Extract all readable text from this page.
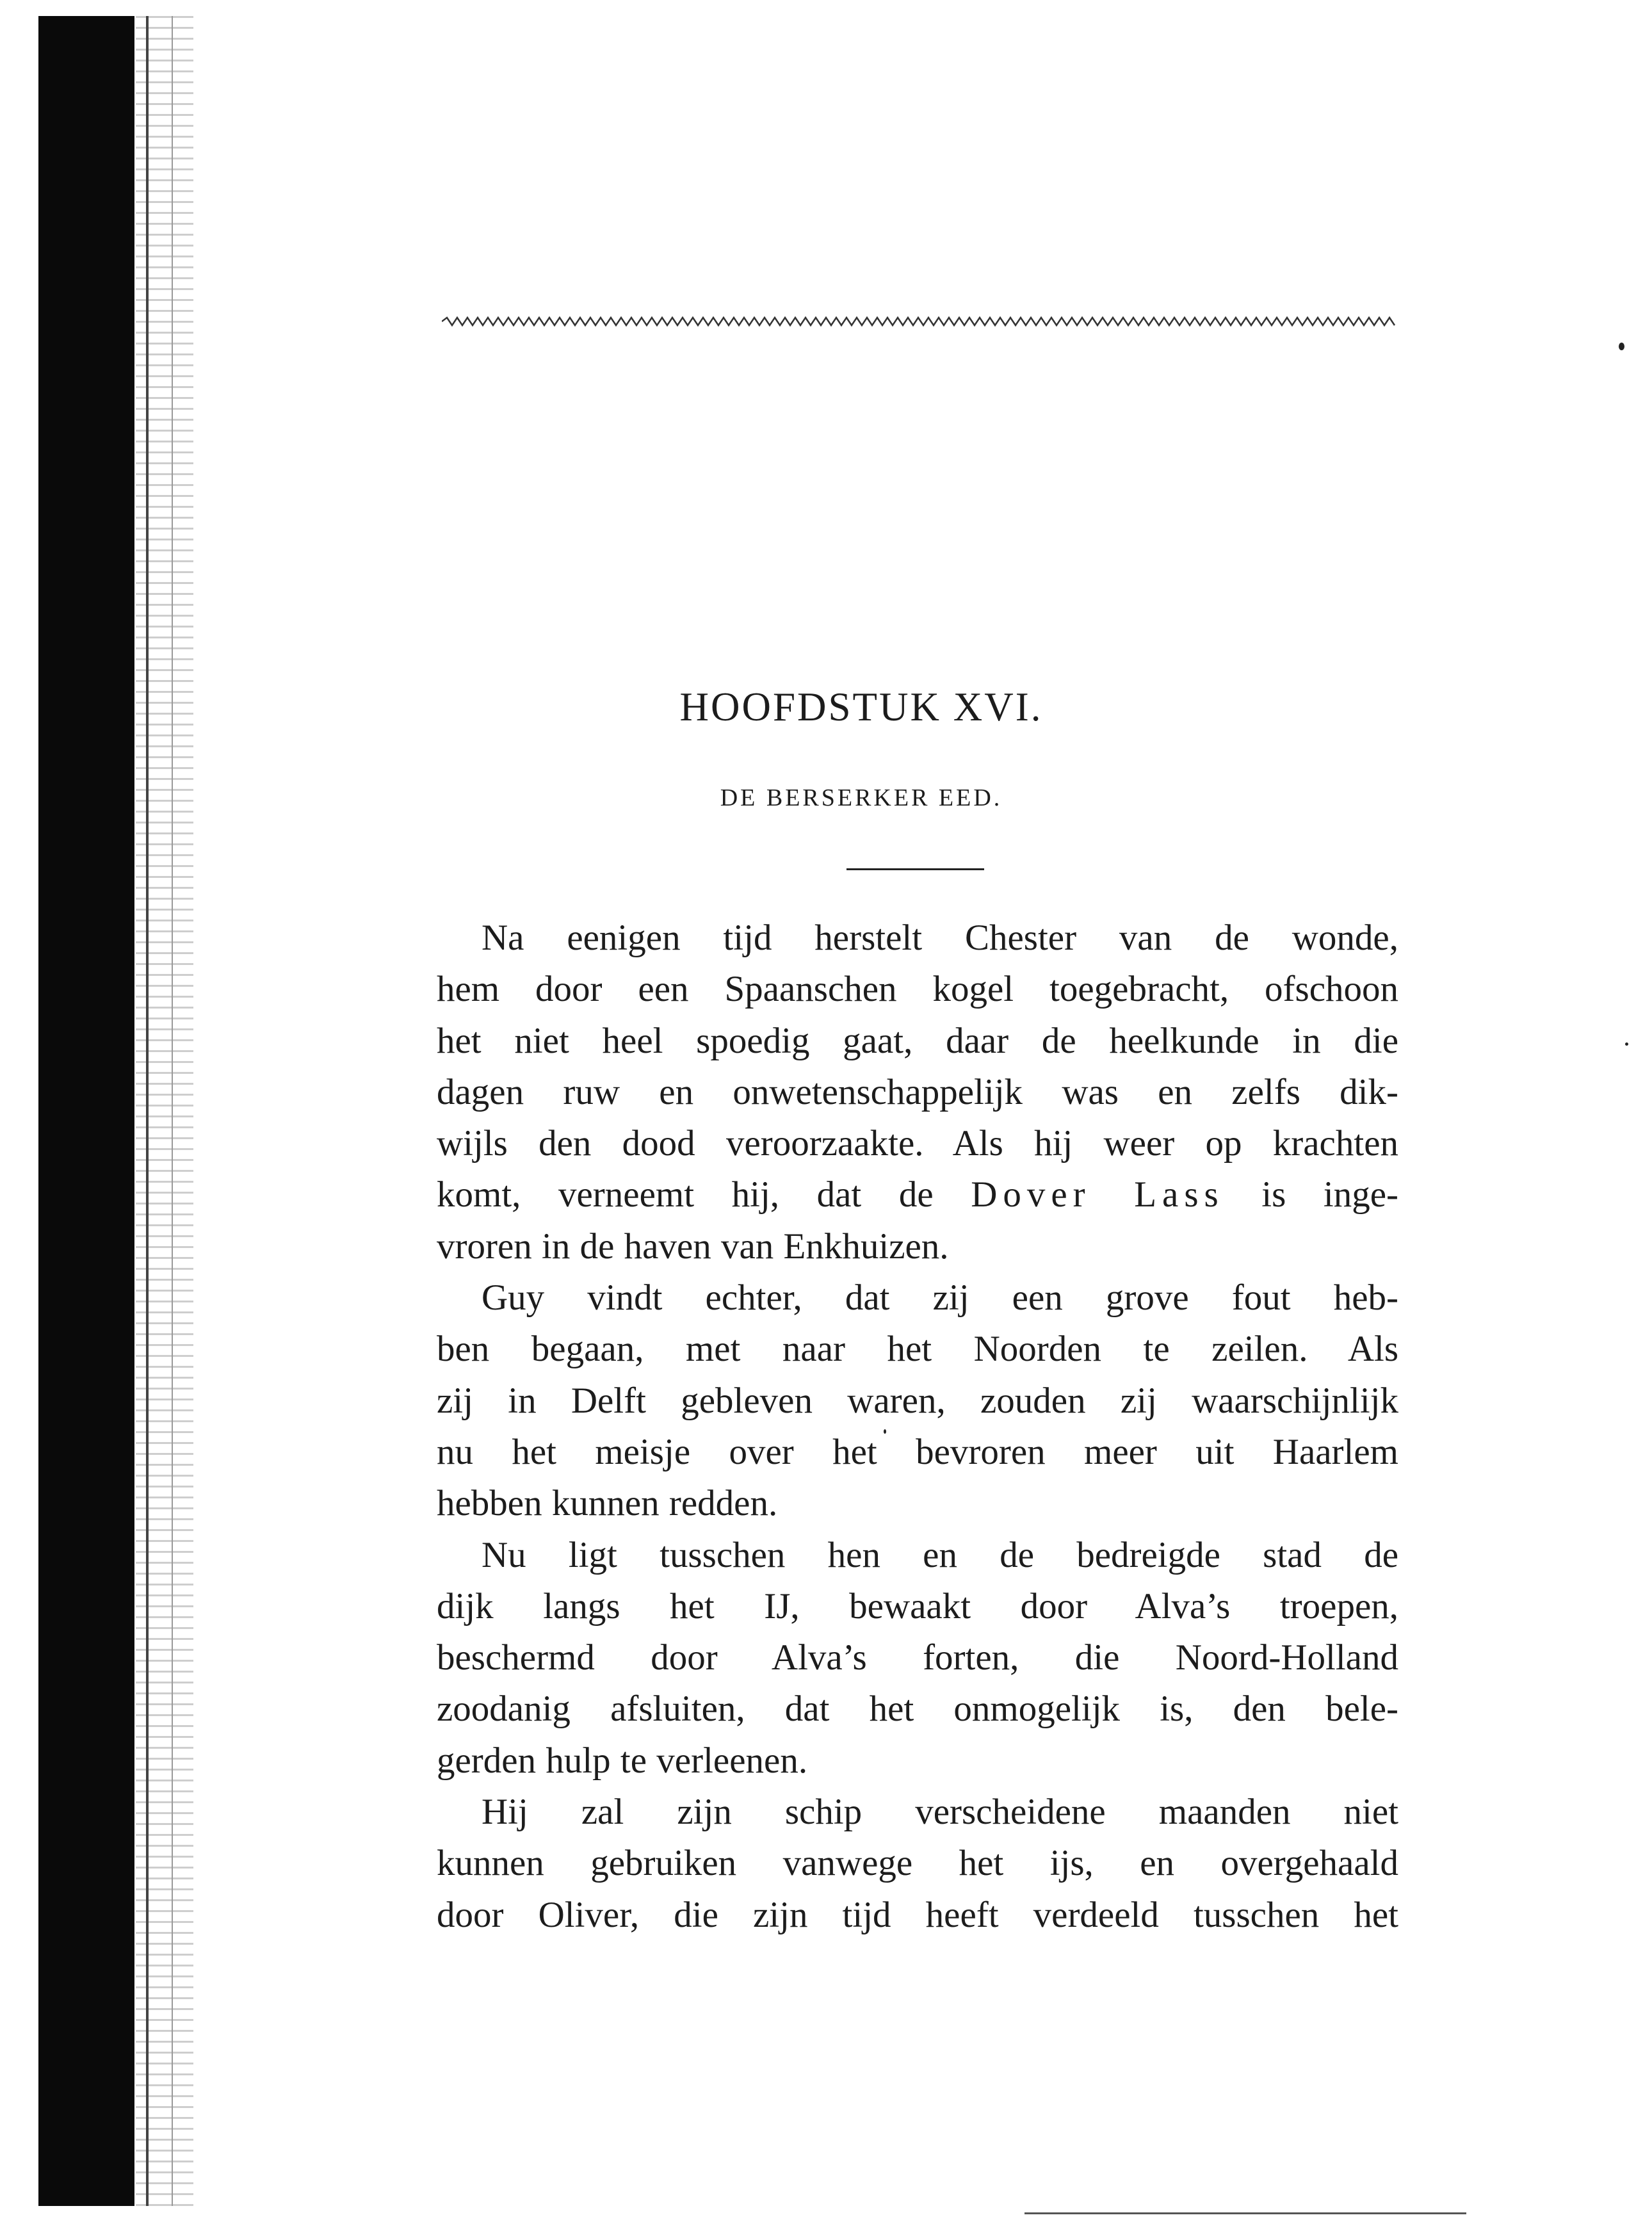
HOOFDSTUK XVI.
DE BERSERKER EED.
Na eenigen tijd herstelt Chester van de wonde,
hem door een Spaanschen kogel toegebracht, ofschoon
het niet heel spoedig gaat, daar de heelkunde in die
dagen ruw en onwetenschappelijk was en zelfs dik-
wijls den dood veroorzaakte. Als hij weer op krachten
komt, verneemt hij, dat de Dover Lass is inge-
vroren in de haven van Enkhuizen.
Guy vindt echter, dat zij een grove fout heb-
ben begaan, met naar het Noorden te zeilen. Als
zij in Delft gebleven waren, zouden zij waarschijnlijk
nu het meisje over het bevroren meer uit Haarlem
hebben kunnen redden.
Nu ligt tusschen hen en de bedreigde stad de
dijk langs het IJ, bewaakt door Alva’s troepen,
beschermd door Alva’s forten, die Noord-Holland
zoodanig afsluiten, dat het onmogelijk is, den bele-
gerden hulp te verleenen.
Hij zal zijn schip verscheidene maanden niet
kunnen gebruiken vanwege het ijs, en overgehaald
door Oliver, die zijn tijd heeft verdeeld tusschen het
